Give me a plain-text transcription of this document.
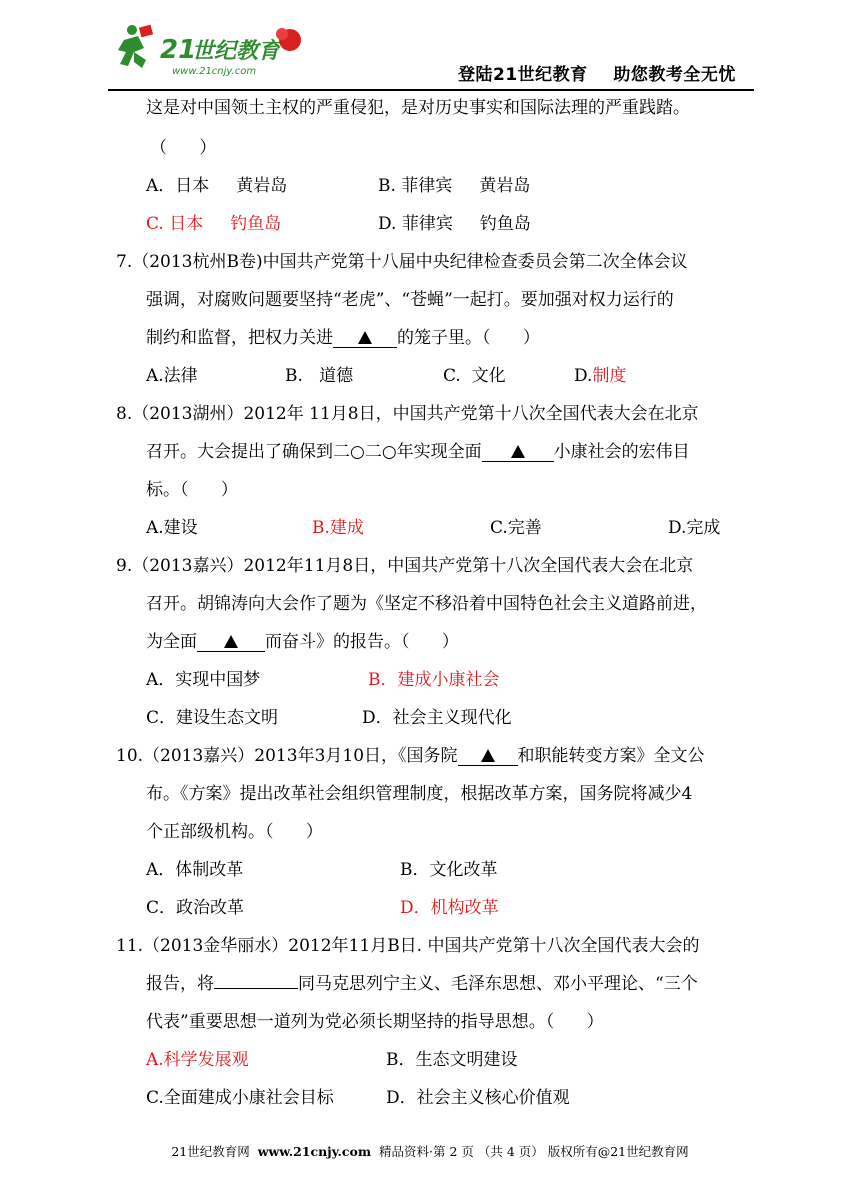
21
世纪教育
www.21cnjy.com	登陆21世纪教育    助您教考全无忧
这是对中国领土主权的严重侵犯，是对历史事实和国际法理的严重践踏。
（      ）
A．日本     黄岩岛	B. 菲律宾     黄岩岛
C. 日本     钓鱼岛	D. 菲律宾     钓鱼岛
7.（2013杭州B卷)中国共产党第十八届中央纪律检查委员会第二次全体会议
强调，对腐败问题要坚持“老虎”、“苍蝇”一起打。要加强对权力运行的
制约和监督，把权力关进	的笼子里。（      ）
A.法律	B.   道德	C.  文化	D.制度
8.（2013湖州）2012年 11月8日，中国共产党第十八次全国代表大会在北京
召开。大会提出了确保到二○二○年实现全面	小康社会的宏伟目
标。（      ）
A.建设	B.建成	C.完善	D.完成
9.（2013嘉兴）2012年11月8日，中国共产党第十八次全国代表大会在北京
召开。胡锦涛向大会作了题为《坚定不移沿着中国特色社会主义道路前进，
为全面	而奋斗》的报告。（      ）
A．实现中国梦	B．建成小康社会
C．建设生态文明	D．社会主义现代化
10.（2013嘉兴）2013年3月10日，《国务院	和职能转变方案》全文公
布。《方案》提出改革社会组织管理制度，根据改革方案，国务院将减少4
个正部级机构。（      ）
A．体制改革	B．文化改革
C．政治改革	D．机构改革
11.（2013金华丽水）2012年11月B日. 中国共产党第十八次全国代表大会的
报告，将	同马克思列宁主义、毛泽东思想、邓小平理论、“三个
代表”重要思想一道列为党必须长期坚持的指导思想。（      ）
A.科学发展观	B．生态文明建设
C.全面建成小康社会目标	D．社会主义核心价值观
21世纪教育网  www.21cnjy.com  精品资料·第 2 页 （共 4 页） 版权所有@21世纪教育网
